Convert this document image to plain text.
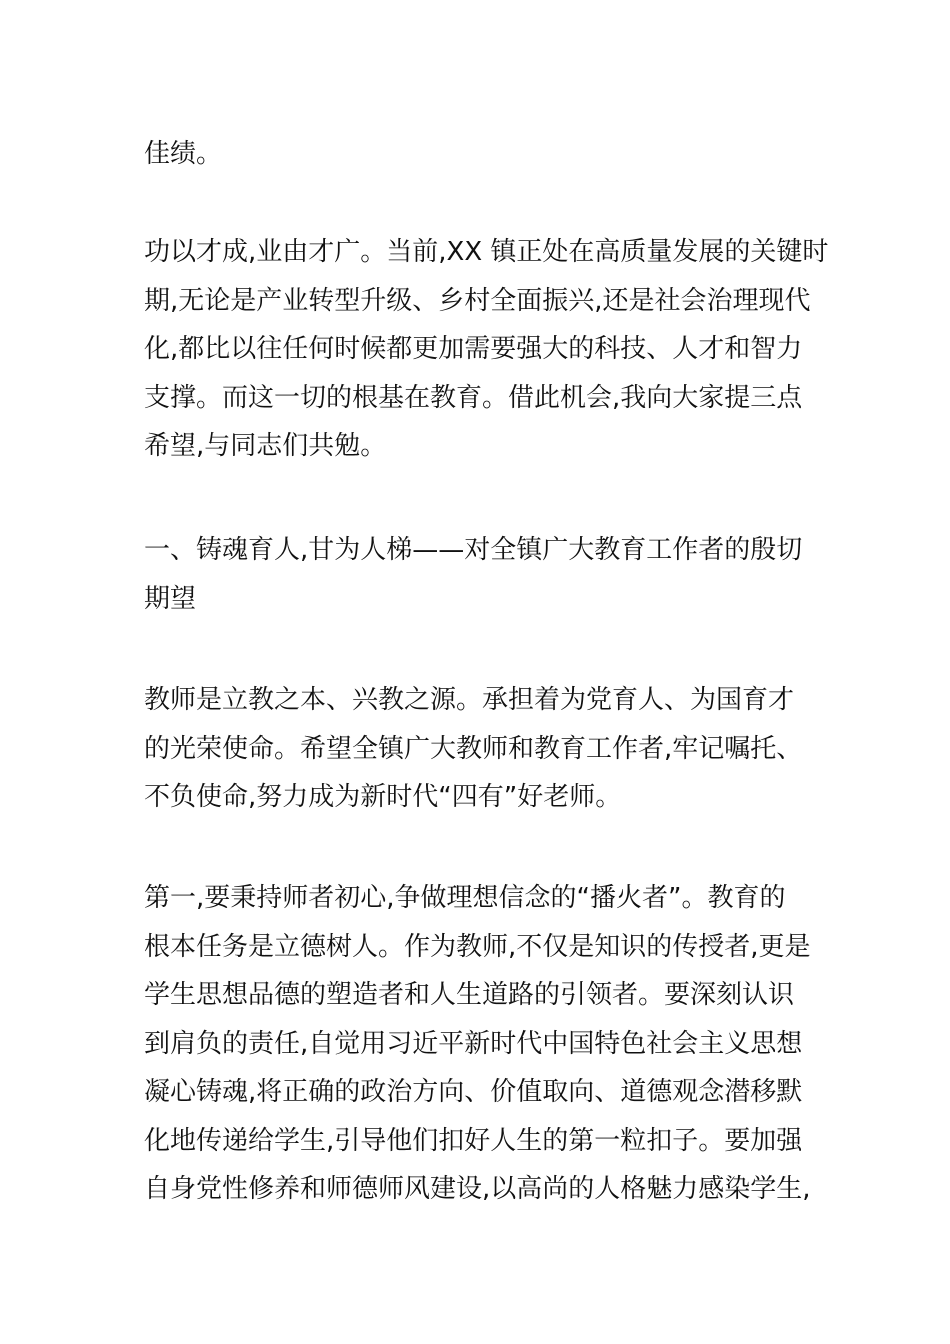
佳绩。

功以才成,业由才广。当前,XX 镇正处在高质量发展的关键时
期,无论是产业转型升级、乡村全面振兴,还是社会治理现代
化,都比以往任何时候都更加需要强大的科技、人才和智力
支撑。而这一切的根基在教育。借此机会,我向大家提三点
希望,与同志们共勉。

一、铸魂育人,甘为人梯——对全镇广大教育工作者的殷切
期望

教师是立教之本、兴教之源。承担着为党育人、为国育才
的光荣使命。希望全镇广大教师和教育工作者,牢记嘱托、
不负使命,努力成为新时代“四有”好老师。

第一,要秉持师者初心,争做理想信念的“播火者”。教育的
根本任务是立德树人。作为教师,不仅是知识的传授者,更是
学生思想品德的塑造者和人生道路的引领者。要深刻认识
到肩负的责任,自觉用习近平新时代中国特色社会主义思想
凝心铸魂,将正确的政治方向、价值取向、道德观念潜移默
化地传递给学生,引导他们扣好人生的第一粒扣子。要加强
自身党性修养和师德师风建设,以高尚的人格魅力感染学生,
